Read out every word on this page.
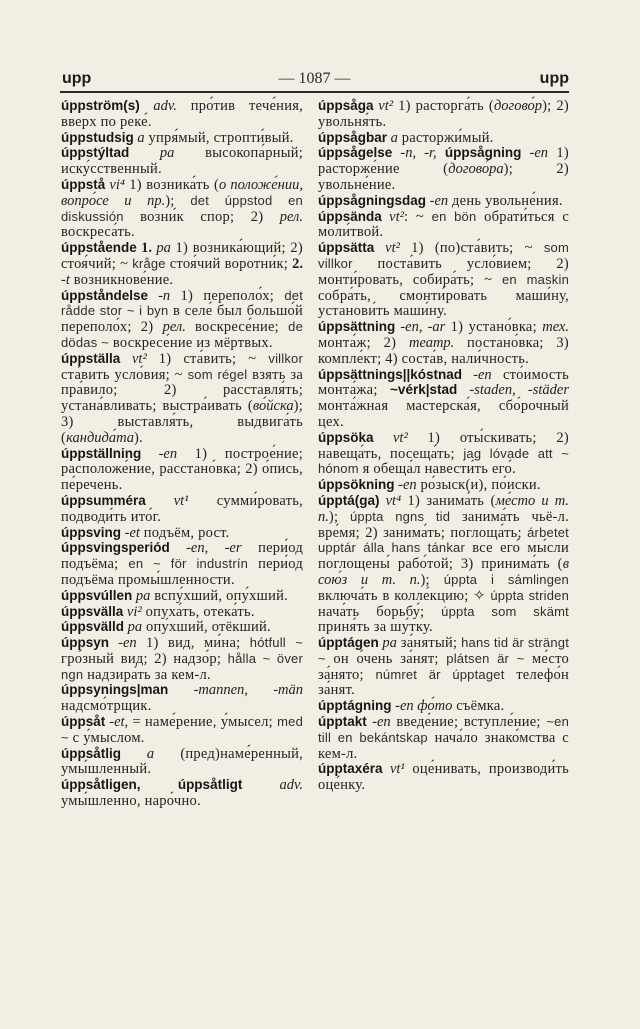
upp	— 1087 —	upp

úppström(s) adv. про́тив тече́ния, вверх по реке́.

úppstudsig a упря́мый, стропти́вый.

úppstýltad pa высокопа́рный; иску́сственный.

úppstå vi⁴ 1) возника́ть (о положе́нии, вопро́се и пр.); det úppstod en diskussión возни́к спор; 2) рел. воскреса́ть.

úppstående 1. pa 1) возника́ющий; 2) стоя́чий; ~ kråge стоя́чий воротни́к; 2. -t возникнове́ние.

úppståndelse -n 1) переполо́х; det rådde stor ~ i byn в селе́ был большо́й переполо́х; 2) рел. воскресе́ние; de dödas ~ воскресе́ние из мёртвых.

úppställa vt² 1) ста́вить; ~ villkor ста́вить усло́вия; ~ som régel взять за пра́вило; 2) расставля́ть; устана́вливать; выстра́ивать (во́йска); 3) выставля́ть, выдвига́ть (кандида́та).

úppställning -en 1) построе́ние; расположе́ние, расстано́вка; 2) о́пись, пе́речень.

úppsumméra vt¹ сумми́ровать, подводи́ть ито́г.

úppsving -et подъём, рост.

úppsvingsperiód -en, -er пери́од подъёма; en ~ för industrín пери́од подъёма промы́шленности.

úppsvúllen pa вспу́хший, опу́хший.

úppsvälla vi² опуха́ть, отека́ть.

úppsvälld pa опу́хший, отёкший.

úppsyn -en 1) вид, ми́на; hótfull ~ гро́зный вид; 2) надзо́р; hålla ~ över ngn надзира́ть за кем-л.

úppsynings|man -mannen, -män надсмо́трщик.

úppsåt -et, = наме́рение, у́мысел; med ~ с у́мыслом.

úppsåtlig a (пред)наме́ренный, умы́шленный.

úppsåtligen, úppsåtligt adv. умы́шленно, наро́чно.

úppsåga vt² 1) расторга́ть (догово́р); 2) увольня́ть.

úppsågbar a расторжи́мый.

úppsågelse -n, -r, úppsågning -en 1) расторже́ние (догово́ра); 2) увольне́ние.

úppsågningsdag -en день увольне́ния.

úppsända vt²: ~ en bön обрати́ться с моли́твой.

úppsätta vt² 1) (по)ста́вить; ~ som villkor поста́вить усло́вием; 2) монти́ровать, собира́ть; ~ en maskin собра́ть, смонти́ровать маши́ну, установи́ть маши́ну.

úppsättning -en, -ar 1) устано́вка; тех. монта́ж; 2) театр. постано́вка; 3) компле́кт; 4) соста́в, нали́чность.

úppsättnings||kóstnad -en сто́имость монта́жа; ~vérk|stad -staden, -städer монта́жная мастерска́я, сбо́рочный цех.

úppsöka vt² 1) оты́скивать; 2) навеща́ть, посеща́ть; jag lóvade att ~ hónom я обеща́л навести́ть его́.

úppsökning -en ро́зыск(и), по́иски.

úpptá(ga) vt⁴ 1) занима́ть (ме́сто и т. п.); úppta ngns tid занима́ть чьё-л. вре́мя; 2) занима́ть; поглоща́ть; árbetet upptár álla hans tánkar все его́ мы́сли поглощены́ рабо́той; 3) принима́ть (в сою́з и т. п.); úppta i sámlingen включа́ть в колле́кцию; ✧ úppta striden нача́ть борьбу́; úppta som skämt приня́ть за шу́тку.

úpptágen pa за́нятый; hans tid är strängt ~ он о́чень за́нят; plátsen är ~ ме́сто за́нято; númret är úpptaget телефо́н за́нят.

úpptágning -en фо́то съёмка.

úpptakt -en введе́ние; вступле́ние; ~en till en bekántskap нача́ло знако́мства с кем-л.

úpptaxéra vt¹ оце́нивать, производи́ть оце́нку.
